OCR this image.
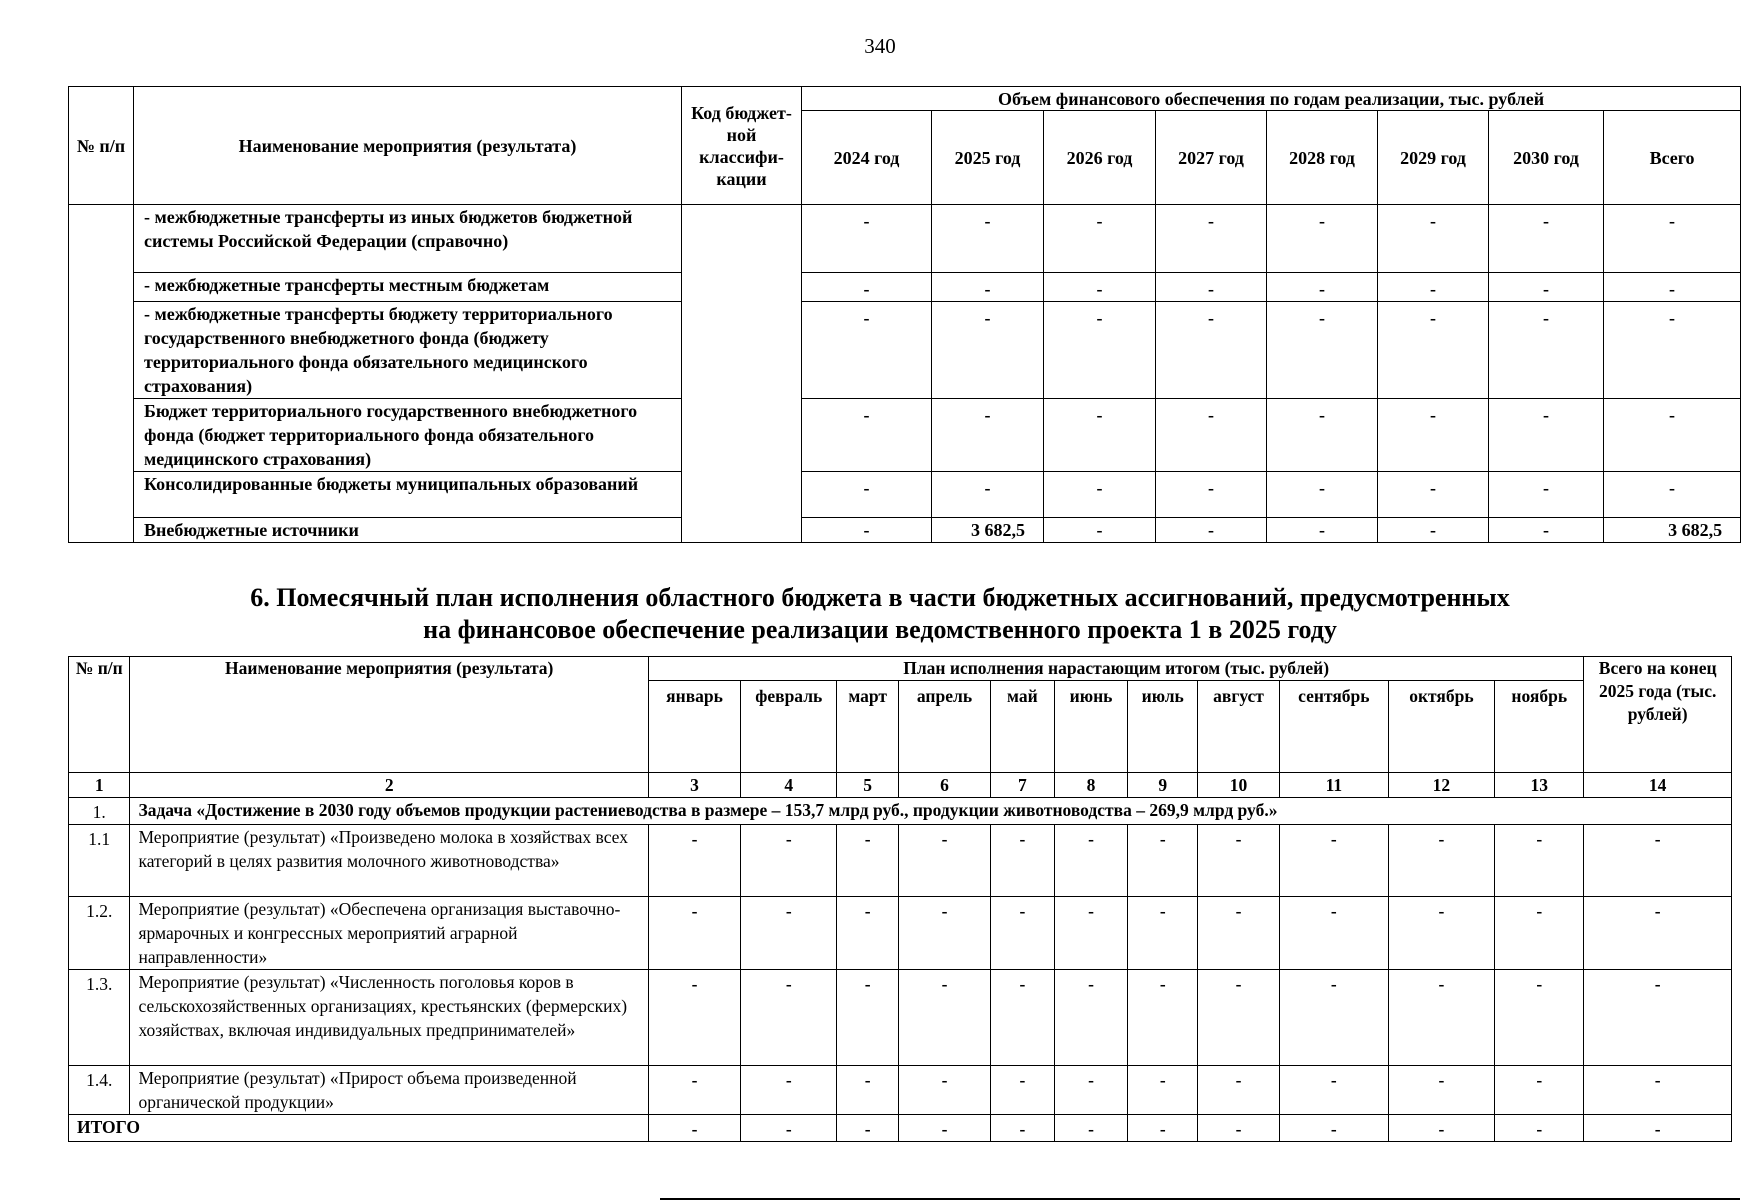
340
№ п/п	Наименование мероприятия (результата)	Код бюджет-ной классифи-кации	Объем финансового обеспечения по годам реализации, тыс. рублей							
			2024 год	2025 год	2026 год	2027 год	2028 год	2029 год	2030 год	Всего
	- межбюджетные трансферты из иных бюджетов бюджетной системы Российской Федерации (справочно)		-	-	-	-	-	-	-	-
	- межбюджетные трансферты местным бюджетам		-	-	-	-	-	-	-	-
	- межбюджетные трансферты бюджету территориального государственного внебюджетного фонда (бюджету территориального фонда обязательного медицинского страхования)		-	-	-	-	-	-	-	-
	Бюджет территориального государственного внебюджетного фонда (бюджет территориального фонда обязательного медицинского страхования)		-	-	-	-	-	-	-	-
	Консолидированные бюджеты муниципальных образований		-	-	-	-	-	-	-	-
	Внебюджетные источники		-	3 682,5	-	-	-	-	-	3 682,5
6. Помесячный план исполнения областного бюджета в части бюджетных ассигнований, предусмотренных
на финансовое обеспечение реализации ведомственного проекта 1 в 2025 году
№ п/п	Наименование мероприятия (результата)	План исполнения нарастающим итогом (тыс. рублей)											Всего на конец 2025 года (тыс. рублей)
		январь	февраль	март	апрель	май	июнь	июль	август	сентябрь	октябрь	ноябрь	
1	2	3	4	5	6	7	8	9	10	11	12	13	14
1.	Задача «Достижение в 2030 году объемов продукции растениеводства в размере – 153,7 млрд руб., продукции животноводства – 269,9 млрд руб.»												
1.1	Мероприятие (результат) «Произведено молока в хозяйствах всех категорий в целях развития молочного животноводства»	-	-	-	-	-	-	-	-	-	-	-	-
1.2.	Мероприятие (результат) «Обеспечена организация выставочно-ярмарочных и конгрессных мероприятий аграрной направленности»	-	-	-	-	-	-	-	-	-	-	-	-
1.3.	Мероприятие (результат) «Численность поголовья коров в сельскохозяйственных организациях, крестьянских (фермерских) хозяйствах, включая индивидуальных предпринимателей»	-	-	-	-	-	-	-	-	-	-	-	-
1.4.	Мероприятие (результат) «Прирост объема произведенной органической продукции»	-	-	-	-	-	-	-	-	-	-	-	-
ИТОГО		-	-	-	-	-	-	-	-	-	-	-	-
